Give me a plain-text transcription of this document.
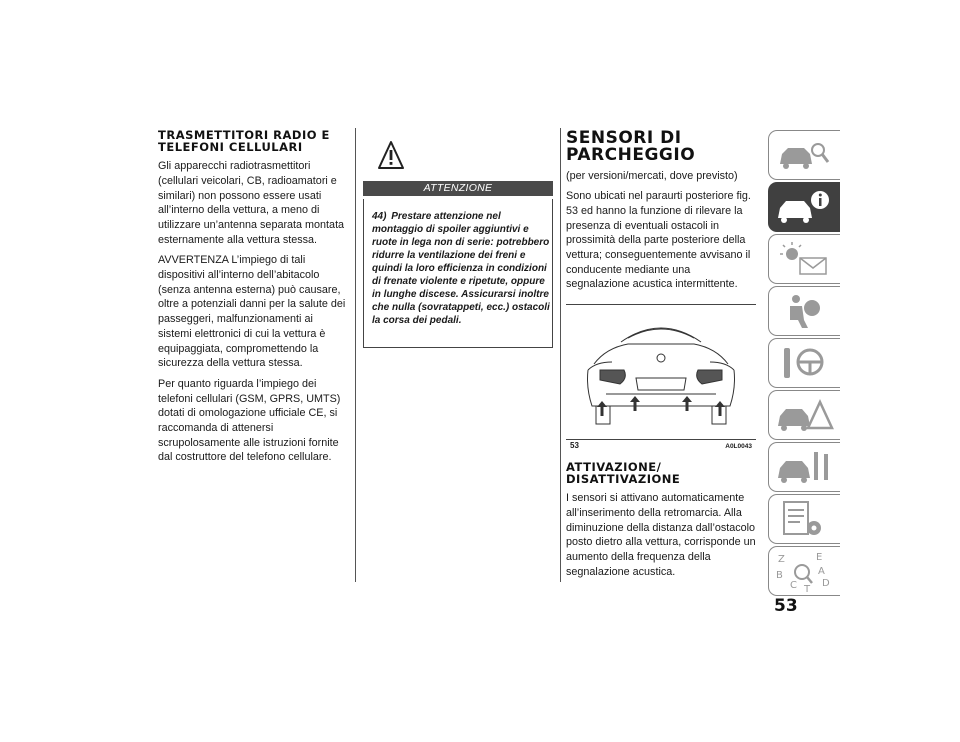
TRASMETTITORI RADIO E TELEFONI CELLULARI

Gli apparecchi radiotrasmettitori (cellulari veicolari, CB, radioamatori e similari) non possono essere usati all’interno della vettura, a meno di utilizzare un’antenna separata montata esternamente alla vettura stessa.

AVVERTENZA L’impiego di tali dispositivi all’interno dell’abitacolo (senza antenna esterna) può causare, oltre a potenziali danni per la salute dei passeggeri, malfunzionamenti ai sistemi elettronici di cui la vettura è equipaggiata, compromettendo la sicurezza della vettura stessa.

Per quanto riguarda l’impiego dei telefoni cellulari (GSM, GPRS, UMTS) dotati di omologazione ufficiale CE, si raccomanda di attenersi scrupolosamente alle istruzioni fornite dal costruttore del telefono cellulare.

ATTENZIONE
44) Prestare attenzione nel montaggio di spoiler aggiuntivi e ruote in lega non di serie: potrebbero ridurre la ventilazione dei freni e quindi la loro efficienza in condizioni di frenate violente e ripetute, oppure in lunghe discese. Assicurarsi inoltre che nulla (sovratappeti, ecc.) ostacoli la corsa dei pedali.
SENSORI DI PARCHEGGIO

(per versioni/mercati, dove previsto)

Sono ubicati nel paraurti posteriore fig. 53 ed hanno la funzione di rilevare la presenza di eventuali ostacoli in prossimità della parte posteriore della vettura; conseguentemente avvisano il conducente mediante una segnalazione acustica intermittente.

53	A0L0043
ATTIVAZIONE/ DISATTIVAZIONE

I sensori si attivano automaticamente all’inserimento della retromarcia. Alla diminuzione della distanza dall’ostacolo posto dietro alla vettura, corrisponde un aumento della frequenza della segnalazione acustica.

Z	E
B	A
C	D
T
53
